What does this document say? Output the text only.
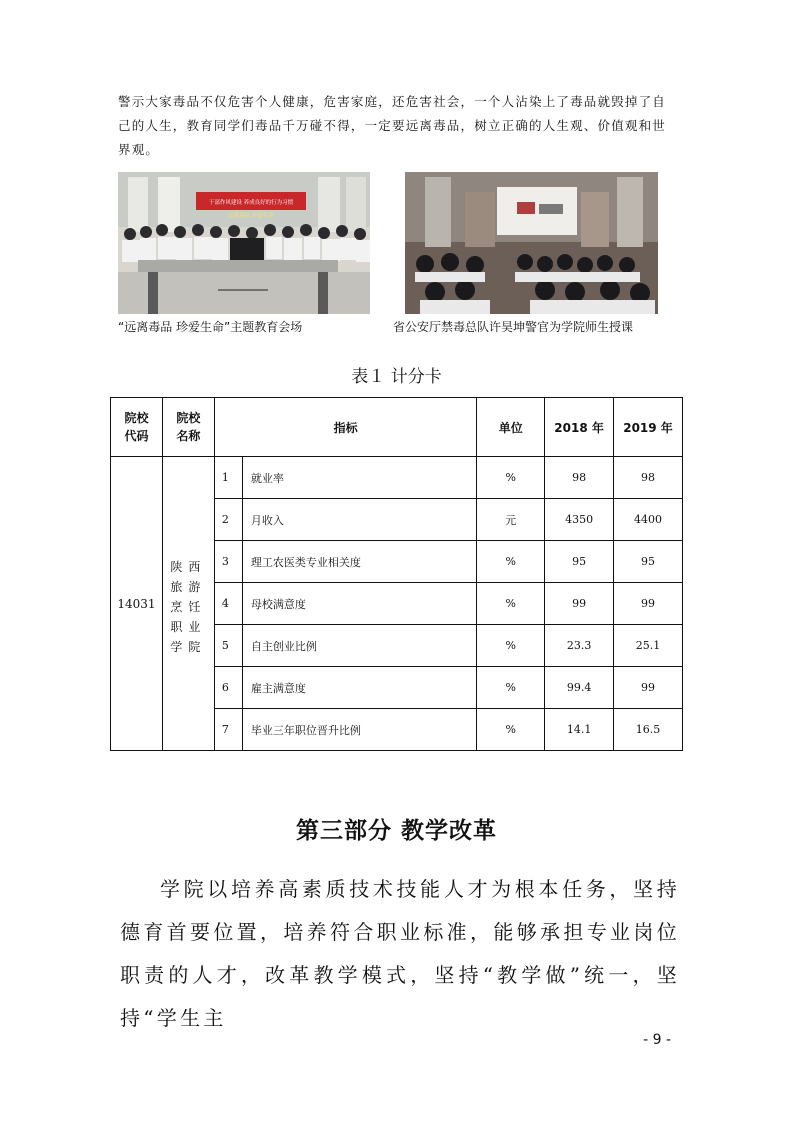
警示大家毒品不仅危害个人健康，危害家庭，还危害社会，一个人沾染上了毒品就毁掉了自己的人生，教育同学们毒品千万碰不得，一定要远离毒品，树立正确的人生观、价值观和世界观。
干部作风建设 养成良好的行为习惯
远离毒品 珍爱生命
“远离毒品 珍爱生命”主题教育会场	省公安厅禁毒总队许昊坤警官为学院师生授课
表１ 计分卡
院校代码	院校名称	指标		单位	2018 年	2019 年
14031	陕西旅游烹饪职业学院	1	就业率	%	98	98
		2	月收入	元	4350	4400
		3	理工农医类专业相关度	%	95	95
		4	母校满意度	%	99	99
		5	自主创业比例	%	23.3	25.1
		6	雇主满意度	%	99.4	99
		7	毕业三年职位晋升比例	%	14.1	16.5
第三部分 教学改革
学院以培养高素质技术技能人才为根本任务，坚持德育首要位置，培养符合职业标准，能够承担专业岗位职责的人才，改革教学模式，坚持“教学做”统一，坚持“学生主
- 9 -
